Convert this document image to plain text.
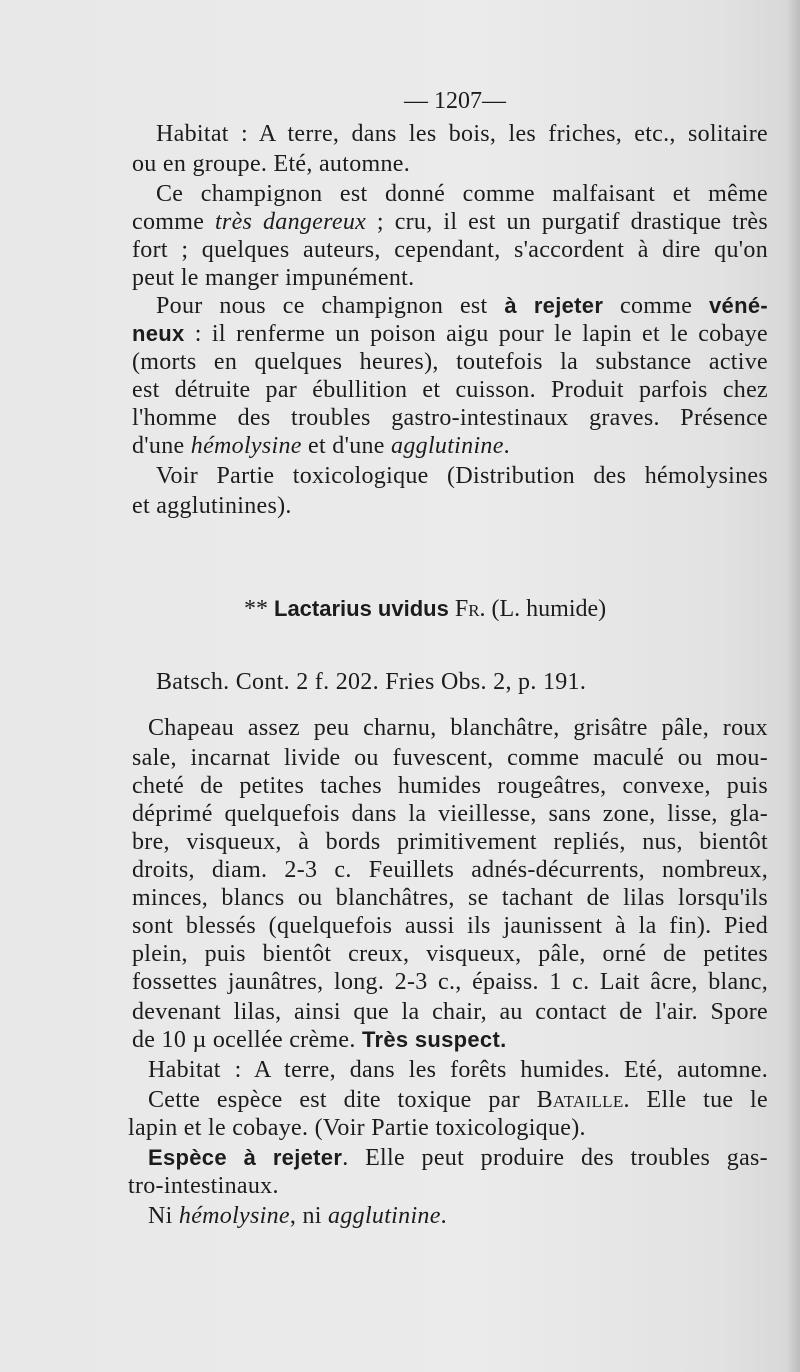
— 1207—
Habitat : A terre, dans les bois, les friches, etc., solitaire
ou en groupe. Eté, automne.
Ce champignon est donné comme malfaisant et même
comme très dangereux ; cru, il est un purgatif drastique très
fort ; quelques auteurs, cependant, s'accordent à dire qu'on
peut le manger impunément.
Pour nous ce champignon est à rejeter comme véné-
neux : il renferme un poison aigu pour le lapin et le cobaye
(morts en quelques heures), toutefois la substance active
est détruite par ébullition et cuisson. Produit parfois chez
l'homme des troubles gastro-intestinaux graves. Présence
d'une hémolysine et d'une agglutinine.
Voir Partie toxicologique (Distribution des hémolysines
et agglutinines).
** Lactarius uvidus Fr. (L. humide)
Batsch. Cont. 2 f. 202. Fries Obs. 2, p. 191.
Chapeau assez peu charnu, blanchâtre, grisâtre pâle, roux
sale, incarnat livide ou fuvescent, comme maculé ou mou-
cheté de petites taches humides rougeâtres, convexe, puis
déprimé quelquefois dans la vieillesse, sans zone, lisse, gla-
bre, visqueux, à bords primitivement repliés, nus, bientôt
droits, diam. 2-3 c. Feuillets adnés-décurrents, nombreux,
minces, blancs ou blanchâtres, se tachant de lilas lorsqu'ils
sont blessés (quelquefois aussi ils jaunissent à la fin). Pied
plein, puis bientôt creux, visqueux, pâle, orné de petites
fossettes jaunâtres, long. 2-3 c., épaiss. 1 c. Lait âcre, blanc,
devenant lilas, ainsi que la chair, au contact de l'air. Spore
de 10 µ ocellée crème. Très suspect.
Habitat : A terre, dans les forêts humides. Eté, automne.
Cette espèce est dite toxique par Bataille. Elle tue le
lapin et le cobaye. (Voir Partie toxicologique).
Espèce à rejeter. Elle peut produire des troubles gas-
tro-intestinaux.
Ni hémolysine, ni agglutinine.
